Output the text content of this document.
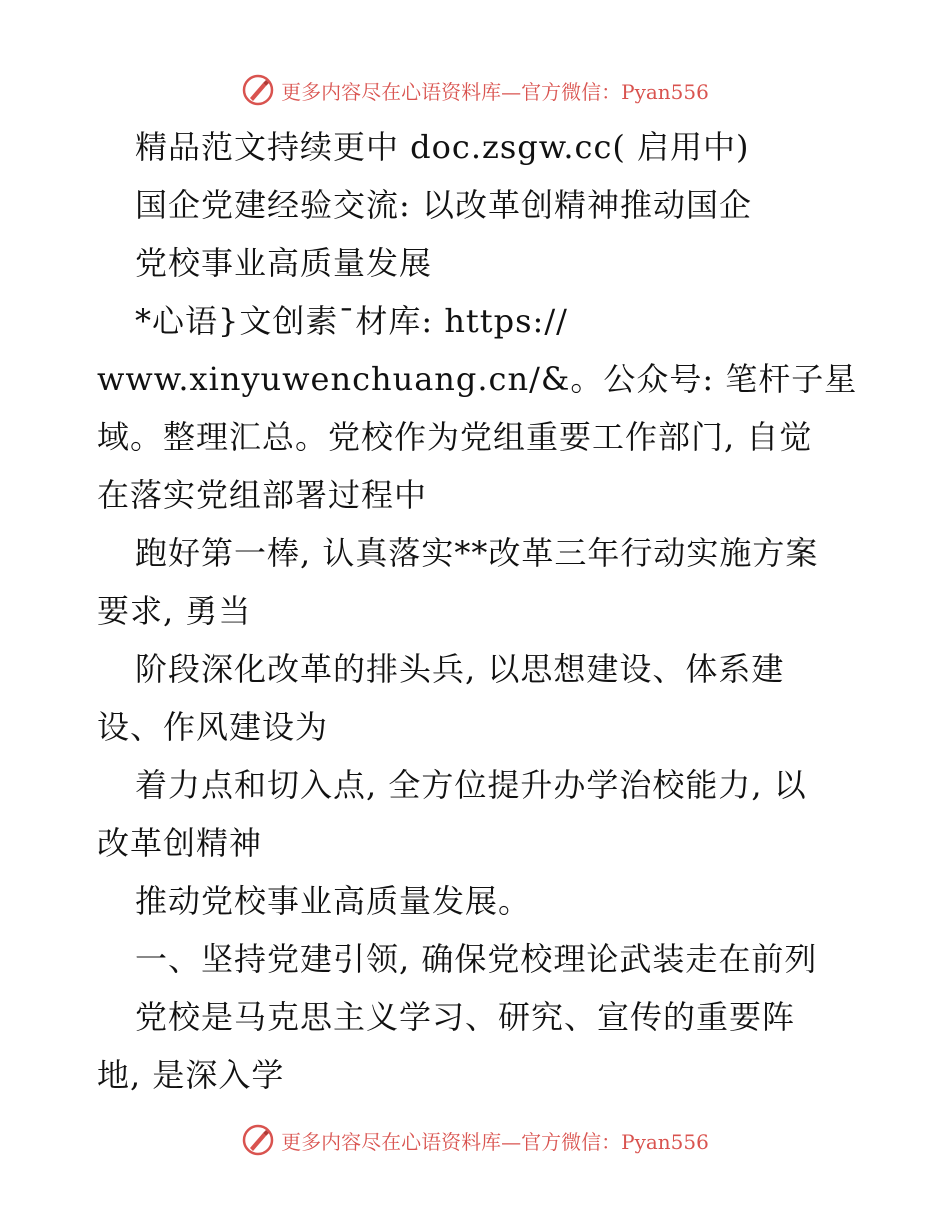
更多内容尽在心语资料库—官方微信：Pyan556
精品范文持续更中 doc.zsgw.cc( 启用中)
国企党建经验交流: 以改革创精神推动国企
党校事业高质量发展
*心语}文创素¯材库: https://
www.xinyuwenchuang.cn/&。公众号: 笔杆子星
域。整理汇总。党校作为党组重要工作部门, 自觉
在落实党组部署过程中
跑好第一棒, 认真落实**改革三年行动实施方案
要求, 勇当
阶段深化改革的排头兵, 以思想建设、体系建
设、作风建设为
着力点和切入点, 全方位提升办学治校能力, 以
改革创精神
推动党校事业高质量发展。
一、坚持党建引领, 确保党校理论武装走在前列
党校是马克思主义学习、研究、宣传的重要阵
地, 是深入学
更多内容尽在心语资料库—官方微信：Pyan556
